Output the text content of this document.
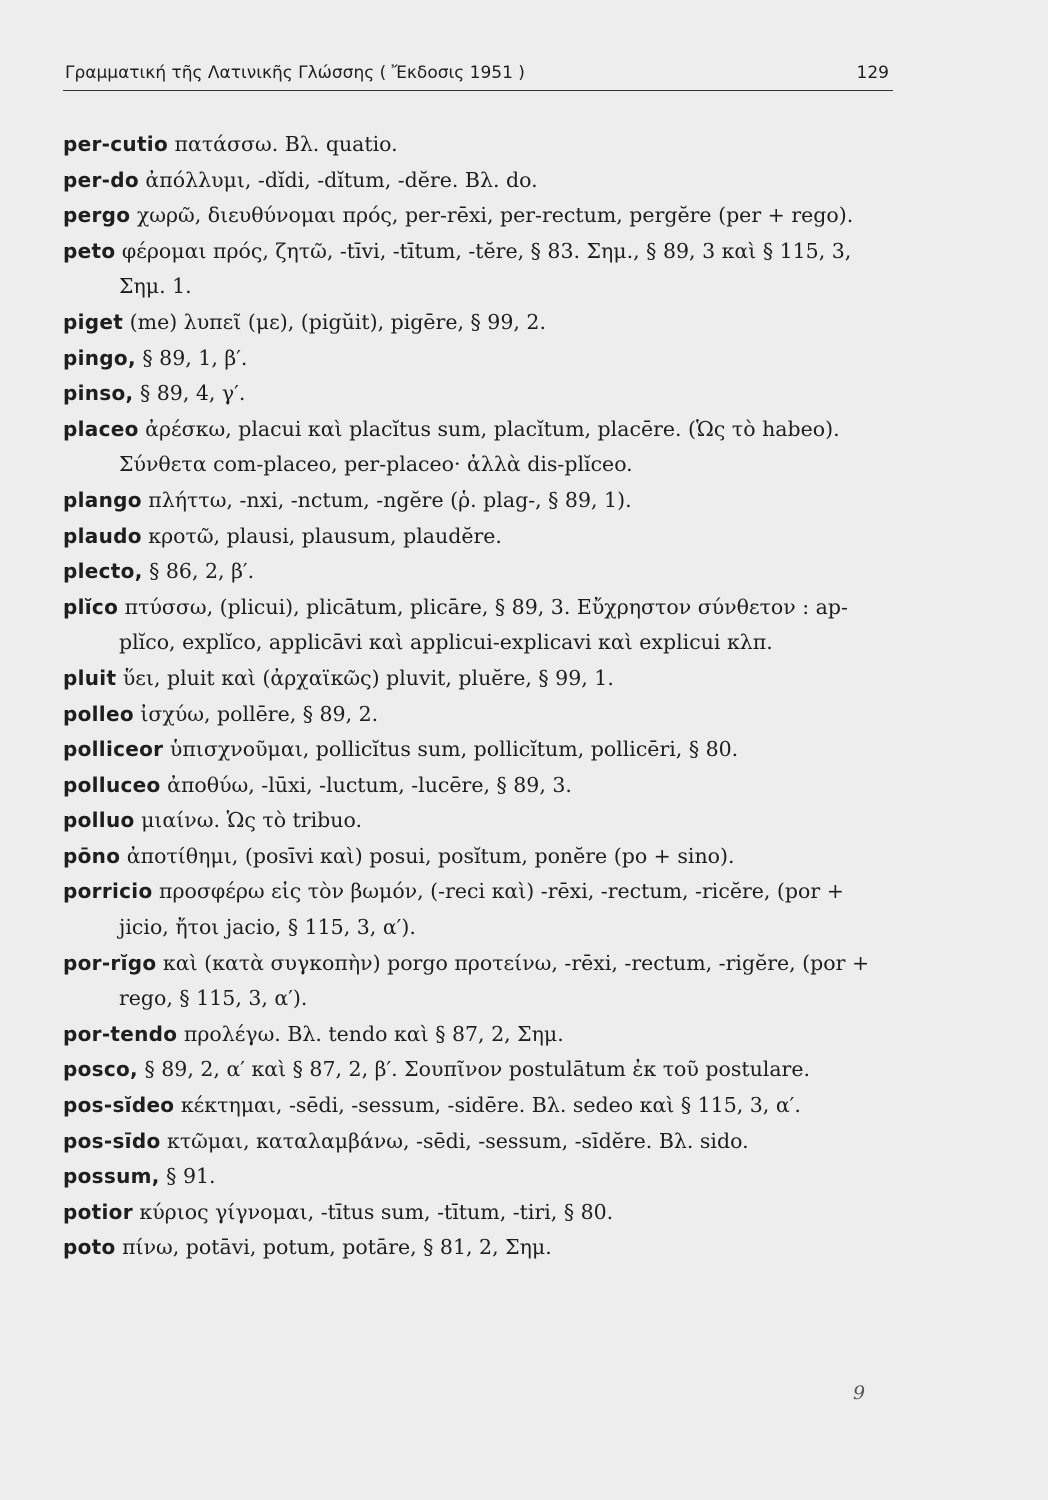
Γραμματική τῆς Λατινικῆς Γλώσσης ( Ἔκδοσις 1951 )	129

per-cutio πατάσσω. Βλ. quatio.

per-do ἀπόλλυμι, -dĭdi, -dĭtum, -dĕre. Βλ. do.

pergo χωρῶ, διευθύνομαι πρός, per-rēxi, per-rectum, pergĕre (per + rego).

peto φέρομαι πρός, ζητῶ, -tīvi, -tītum, -tĕre, § 83. Σημ., § 89, 3 καὶ § 115, 3, Σημ. 1.

piget (me) λυπεῖ (με), (pigŭit), pigēre, § 99, 2.

pingo, § 89, 1, β′.

pinso, § 89, 4, γ′.

placeo ἀρέσκω, placui καὶ placĭtus sum, placĭtum, placēre. (Ὡς τὸ habeo). Σύνθετα com-placeo, per-placeo· ἀλλὰ dis-plĭceo.

plango πλήττω, -nxi, -nctum, -ngĕre (ῥ. plag-, § 89, 1).

plaudo κροτῶ, plausi, plausum, plaudĕre.

plecto, § 86, 2, β′.

plĭco πτύσσω, (plicui), plicātum, plicāre, § 89, 3. Εὔχρηστον σύνθετον : ap-plĭco, explĭco, applicāvi καὶ applicui-explicavi καὶ explicui κλπ.

pluit ὕει, pluit καὶ (ἀρχαϊκῶς) pluvit, pluĕre, § 99, 1.

polleo ἰσχύω, pollēre, § 89, 2.

polliceor ὑπισχνοῦμαι, pollicĭtus sum, pollicĭtum, pollicēri, § 80.

polluceo ἀποθύω, -lūxi, -luctum, -lucēre, § 89, 3.

polluo μιαίνω. Ὡς τὸ tribuo.

pōno ἀποτίθημι, (posīvi καὶ) posui, posĭtum, ponĕre (po + sino).

porricio προσφέρω εἰς τὸν βωμόν, (-reci καὶ) -rēxi, -rectum, -ricĕre, (por + jicio, ἤτοι jacio, § 115, 3, α′).

por-rĭgo καὶ (κατὰ συγκοπὴν) porgo προτείνω, -rēxi, -rectum, -rigĕre, (por + rego, § 115, 3, α′).

por-tendo προλέγω. Βλ. tendo καὶ § 87, 2, Σημ.

posco, § 89, 2, α′ καὶ § 87, 2, β′. Σουπῖνον postulātum ἐκ τοῦ postulare.

pos-sĭdeo κέκτημαι, -sēdi, -sessum, -sidēre. Βλ. sedeo καὶ § 115, 3, α′.

pos-sīdo κτῶμαι, καταλαμβάνω, -sēdi, -sessum, -sīdĕre. Βλ. sido.

possum, § 91.

potior κύριος γίγνομαι, -tītus sum, -tītum, -tiri, § 80.

poto πίνω, potāvi, potum, potāre, § 81, 2, Σημ.

9
